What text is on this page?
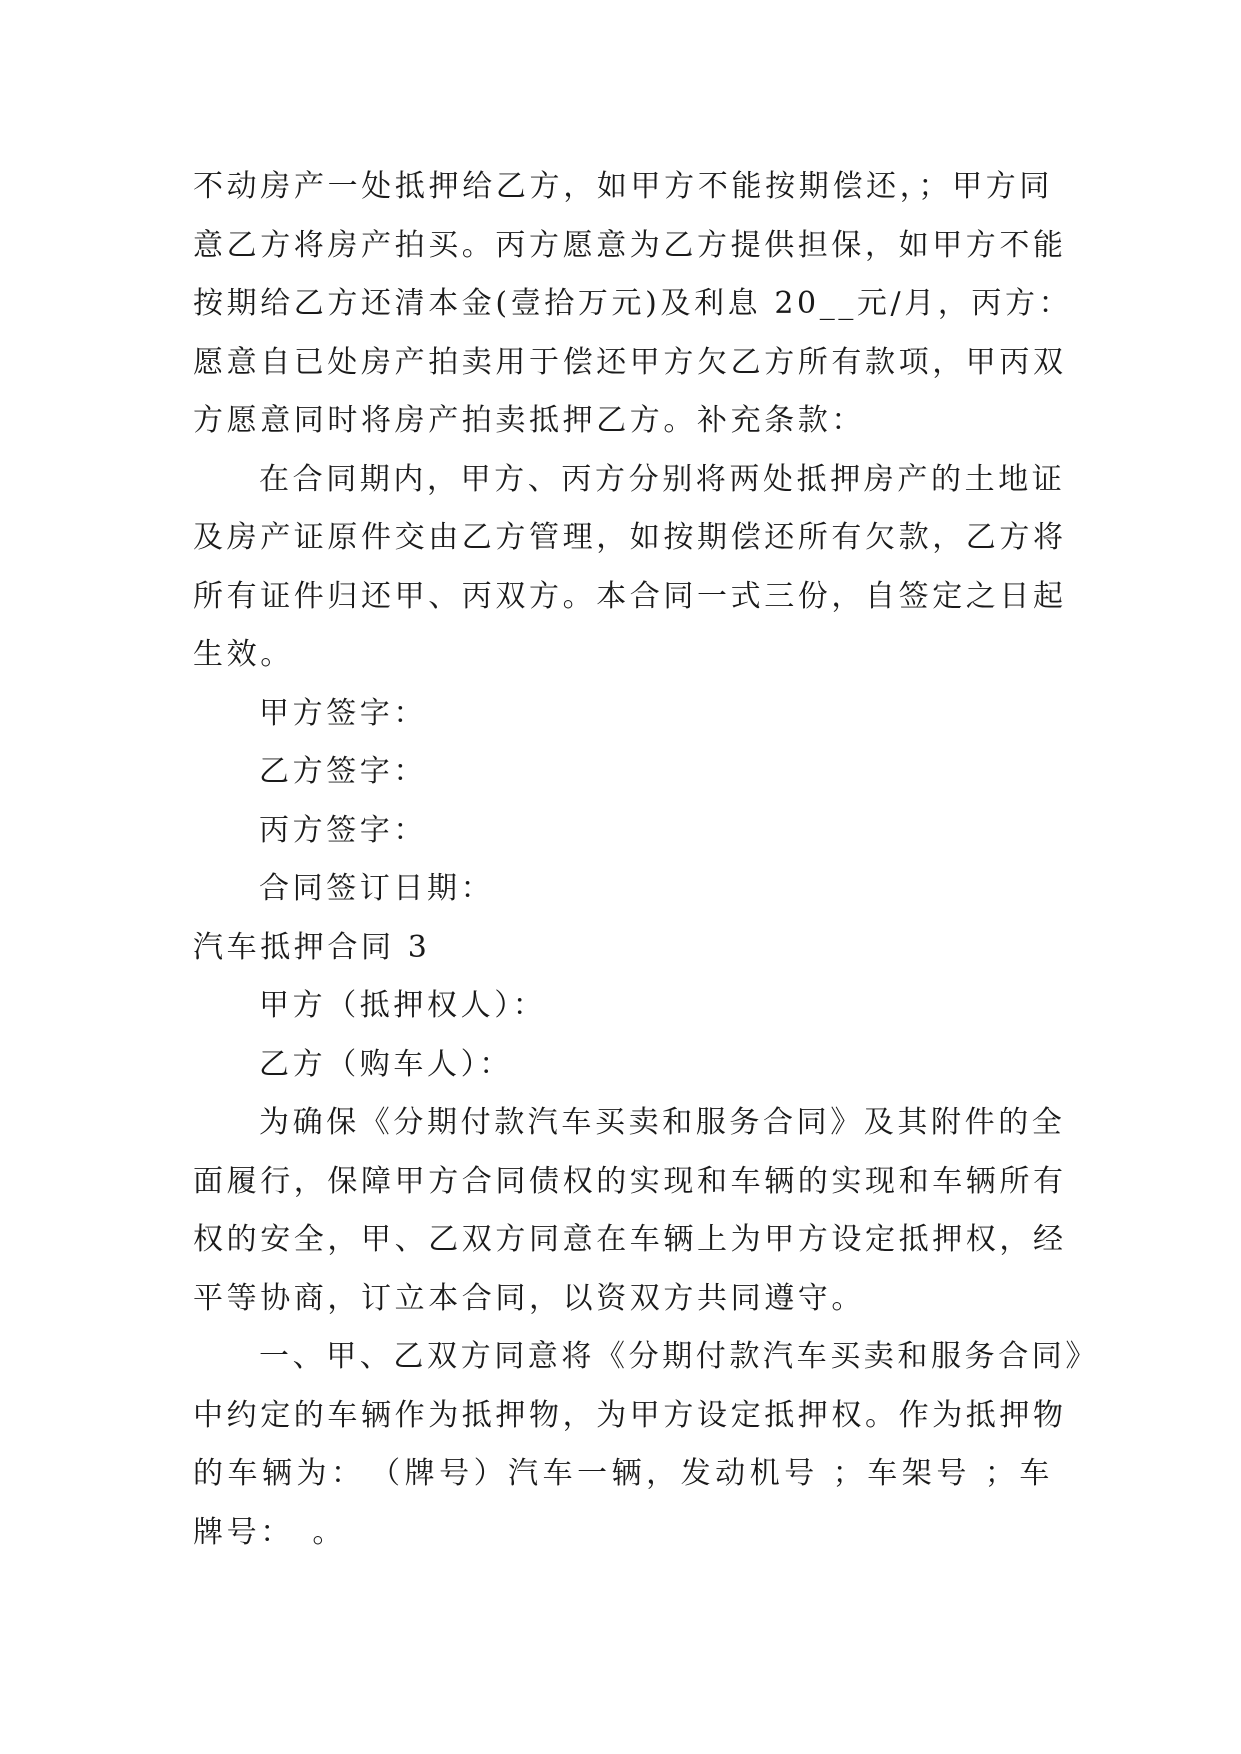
不动房产一处抵押给乙方，如甲方不能按期偿还，；甲方同
意乙方将房产拍买。丙方愿意为乙方提供担保，如甲方不能
按期给乙方还清本金(壹拾万元)及利息 20__元/月，丙方：
愿意自已处房产拍卖用于偿还甲方欠乙方所有款项，甲丙双
方愿意同时将房产拍卖抵押乙方。补充条款：
在合同期内，甲方、丙方分别将两处抵押房产的土地证
及房产证原件交由乙方管理，如按期偿还所有欠款，乙方将
所有证件归还甲、丙双方。本合同一式三份，自签定之日起
生效。
甲方签字：
乙方签字：
丙方签字：
合同签订日期：
汽车抵押合同 3
甲方（抵押权人）：
乙方（购车人）：
为确保《分期付款汽车买卖和服务合同》及其附件的全
面履行，保障甲方合同债权的实现和车辆的实现和车辆所有
权的安全，甲、乙双方同意在车辆上为甲方设定抵押权，经
平等协商，订立本合同，以资双方共同遵守。
一、甲、乙双方同意将《分期付款汽车买卖和服务合同》
中约定的车辆作为抵押物，为甲方设定抵押权。作为抵押物
的车辆为：　（牌号）汽车一辆，发动机号 ；车架号 ；车
牌号：　。
